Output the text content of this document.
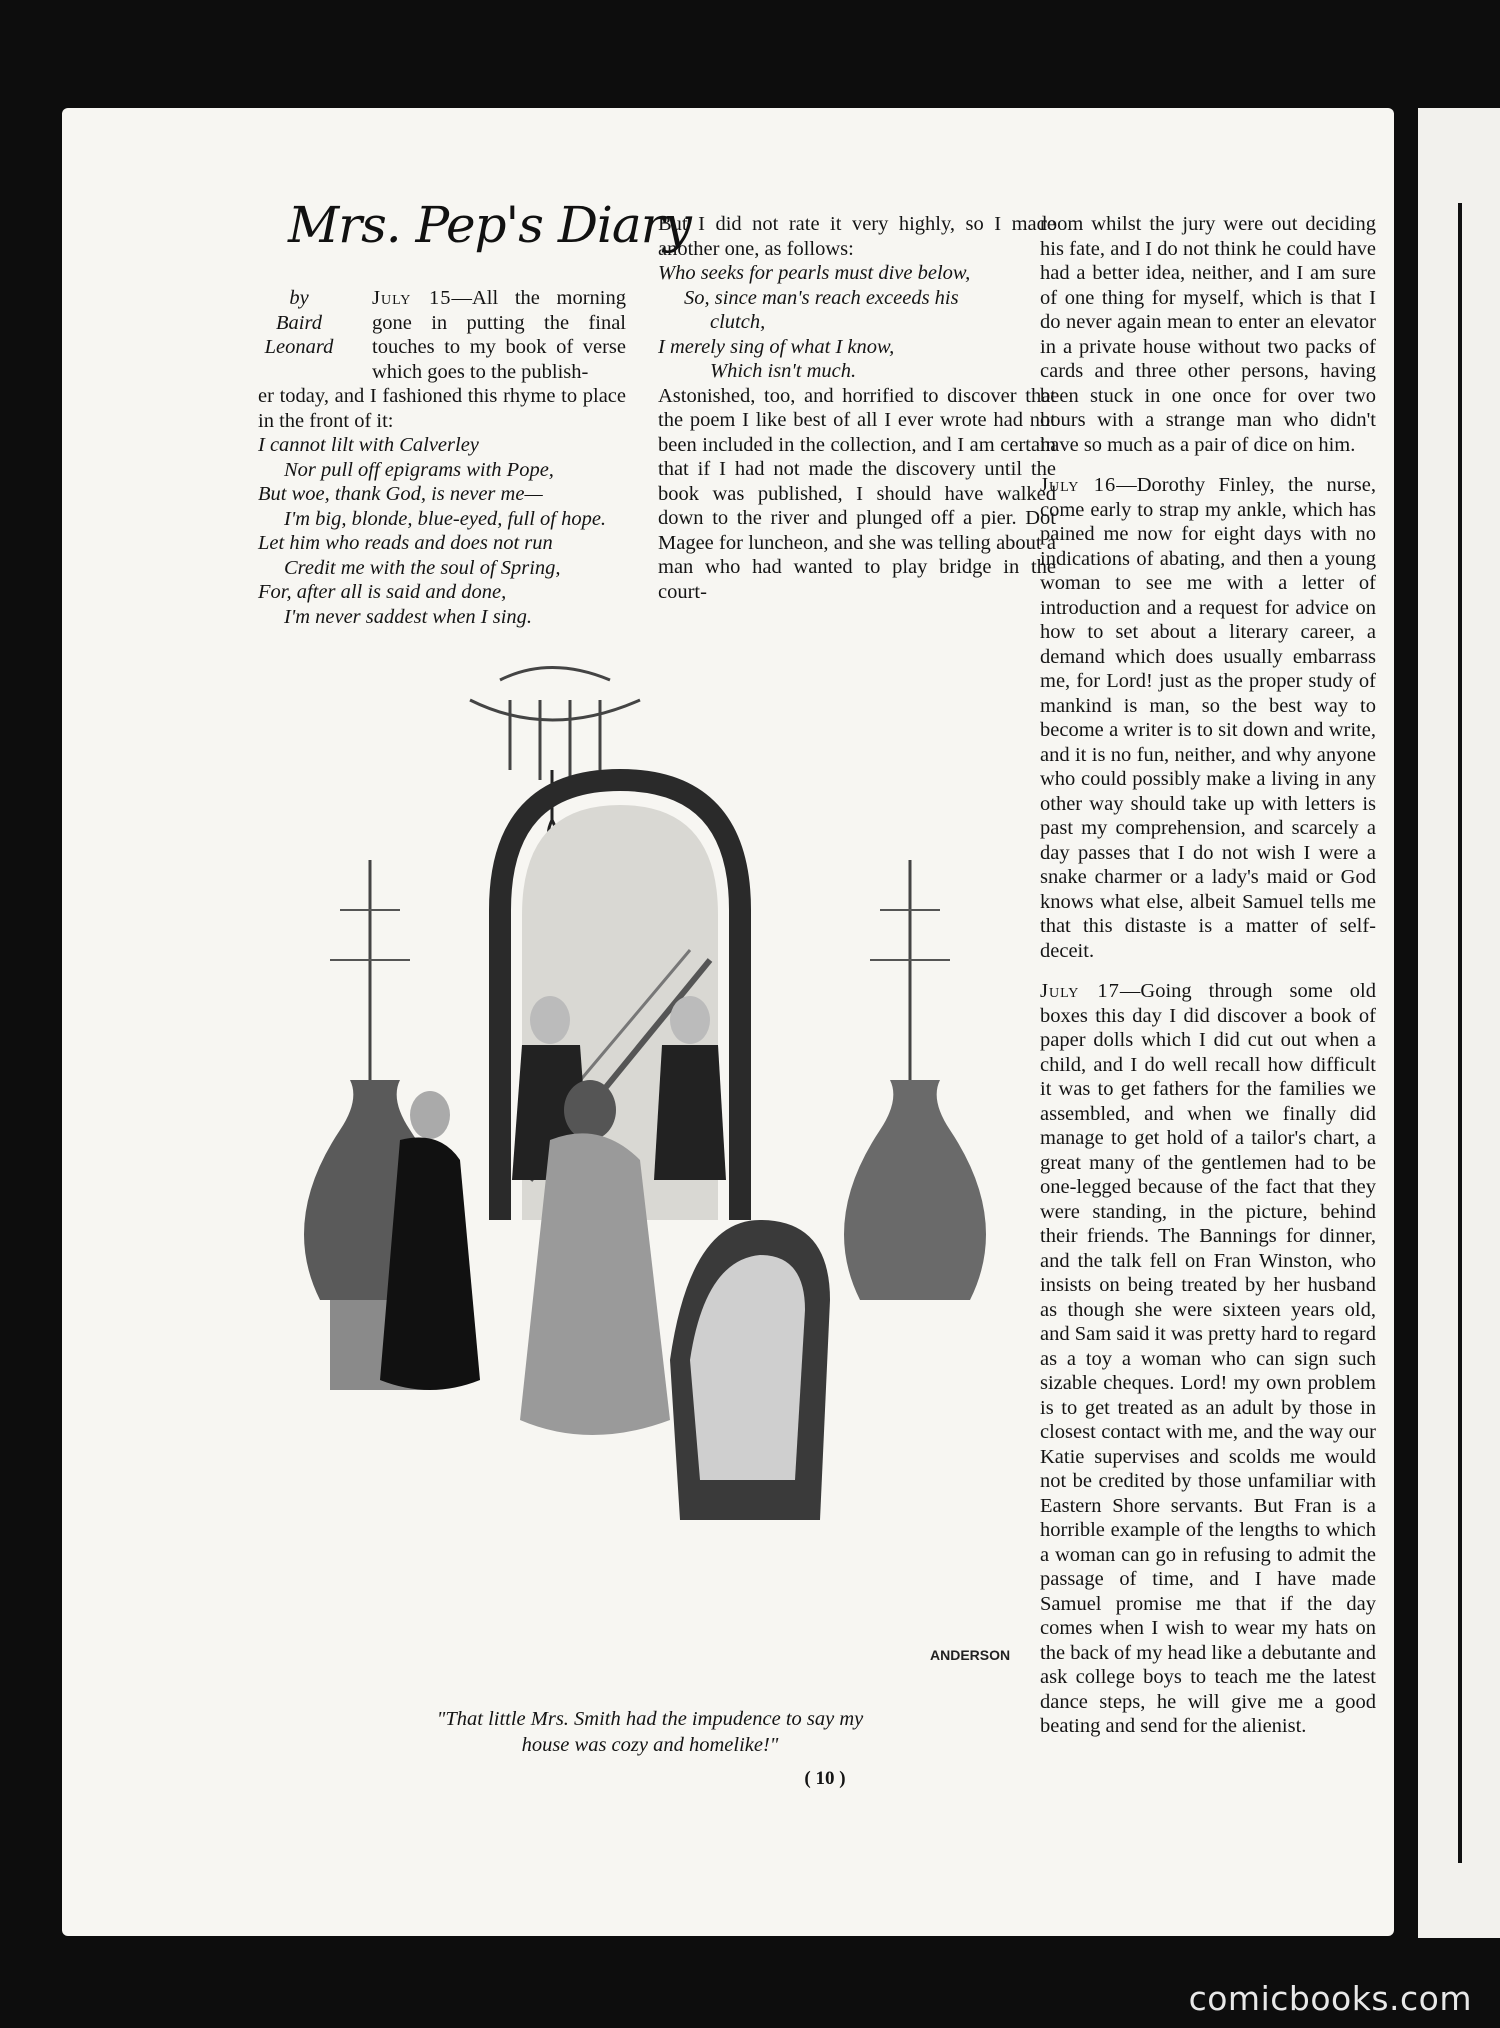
Mrs. Pep's Diary
by
Baird
Leonard
July 15—All the morning gone in putting the final touches to my book of verse which goes to the publish-

er today, and I fashioned this rhyme to place in the front of it:

I cannot lilt with Calverley
Nor pull off epigrams with Pope,
But woe, thank God, is never me—
I'm big, blonde, blue-eyed, full of hope.
Let him who reads and does not run
Credit me with the soul of Spring,
For, after all is said and done,
I'm never saddest when I sing.

But I did not rate it very highly, so I made another one, as follows:

Who seeks for pearls must dive below,
So, since man's reach exceeds his
clutch,
I merely sing of what I know,
Which isn't much.

Astonished, too, and horrified to discover that the poem I like best of all I ever wrote had not been included in the collection, and I am certain that if I had not made the discovery until the book was published, I should have walked down to the river and plunged off a pier. Dot Magee for luncheon, and she was telling about a man who had wanted to play bridge in the court-

room whilst the jury were out deciding his fate, and I do not think he could have had a better idea, neither, and I am sure of one thing for myself, which is that I do never again mean to enter an elevator in a private house without two packs of cards and three other persons, having been stuck in one once for over two hours with a strange man who didn't have so much as a pair of dice on him.

July 16—Dorothy Finley, the nurse, come early to strap my ankle, which has pained me now for eight days with no indications of abating, and then a young woman to see me with a letter of introduction and a request for advice on how to set about a literary career, a demand which does usually embarrass me, for Lord! just as the proper study of mankind is man, so the best way to become a writer is to sit down and write, and it is no fun, neither, and why anyone who could possibly make a living in any other way should take up with letters is past my comprehension, and scarcely a day passes that I do not wish I were a snake charmer or a lady's maid or God knows what else, albeit Samuel tells me that this distaste is a matter of self-deceit.

July 17—Going through some old boxes this day I did discover a book of paper dolls which I did cut out when a child, and I do well recall how difficult it was to get fathers for the families we assembled, and when we finally did manage to get hold of a tailor's chart, a great many of the gentlemen had to be one-legged because of the fact that they were standing, in the picture, behind their friends. The Bannings for dinner, and the talk fell on Fran Winston, who insists on being treated by her husband as though she were sixteen years old, and Sam said it was pretty hard to regard as a toy a woman who can sign such sizable cheques. Lord! my own problem is to get treated as an adult by those in closest contact with me, and the way our Katie supervises and scolds me would not be credited by those unfamiliar with Eastern Shore servants. But Fran is a horrible example of the lengths to which a woman can go in refusing to admit the passage of time, and I have made Samuel promise me that if the day comes when I wish to wear my hats on the back of my head like a debutante and ask college boys to teach me the latest dance steps, he will give me a good beating and send for the alienist.

ANDERSON
"That little Mrs. Smith had the impudence to say my
house was cozy and homelike!"
( 10 )
comicbooks.com
